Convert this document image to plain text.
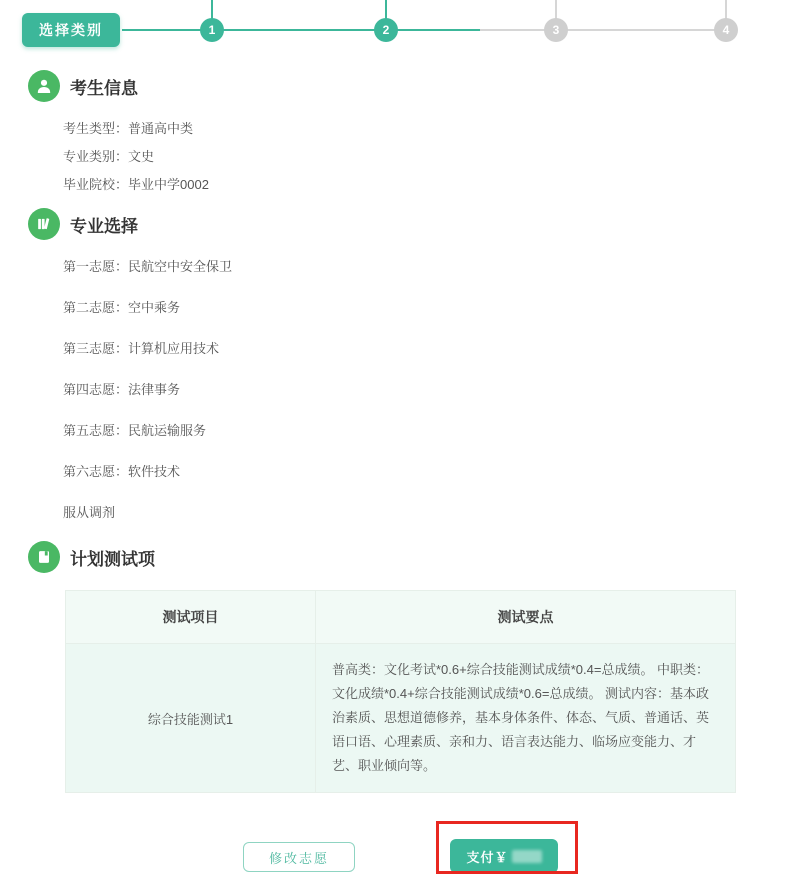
选择类别	1	2	3	4
考生信息
考生类型：普通高中类
专业类别：文史
毕业院校：毕业中学0002
专业选择
第一志愿：民航空中安全保卫
第二志愿：空中乘务
第三志愿：计算机应用技术
第四志愿：法律事务
第五志愿：民航运输服务
第六志愿：软件技术
服从调剂
计划测试项
测试项目	测试要点
综合技能测试1	普高类：文化考试*0.6+综合技能测试成绩*0.4=总成绩。 中职类：文化成绩*0.4+综合技能测试成绩*0.6=总成绩。 测试内容：基本政治素质、思想道德修养，基本身体条件、体态、气质、普通话、英语口语、心理素质、亲和力、语言表达能力、临场应变能力、才艺、职业倾向等。
修改志愿	支付￥
